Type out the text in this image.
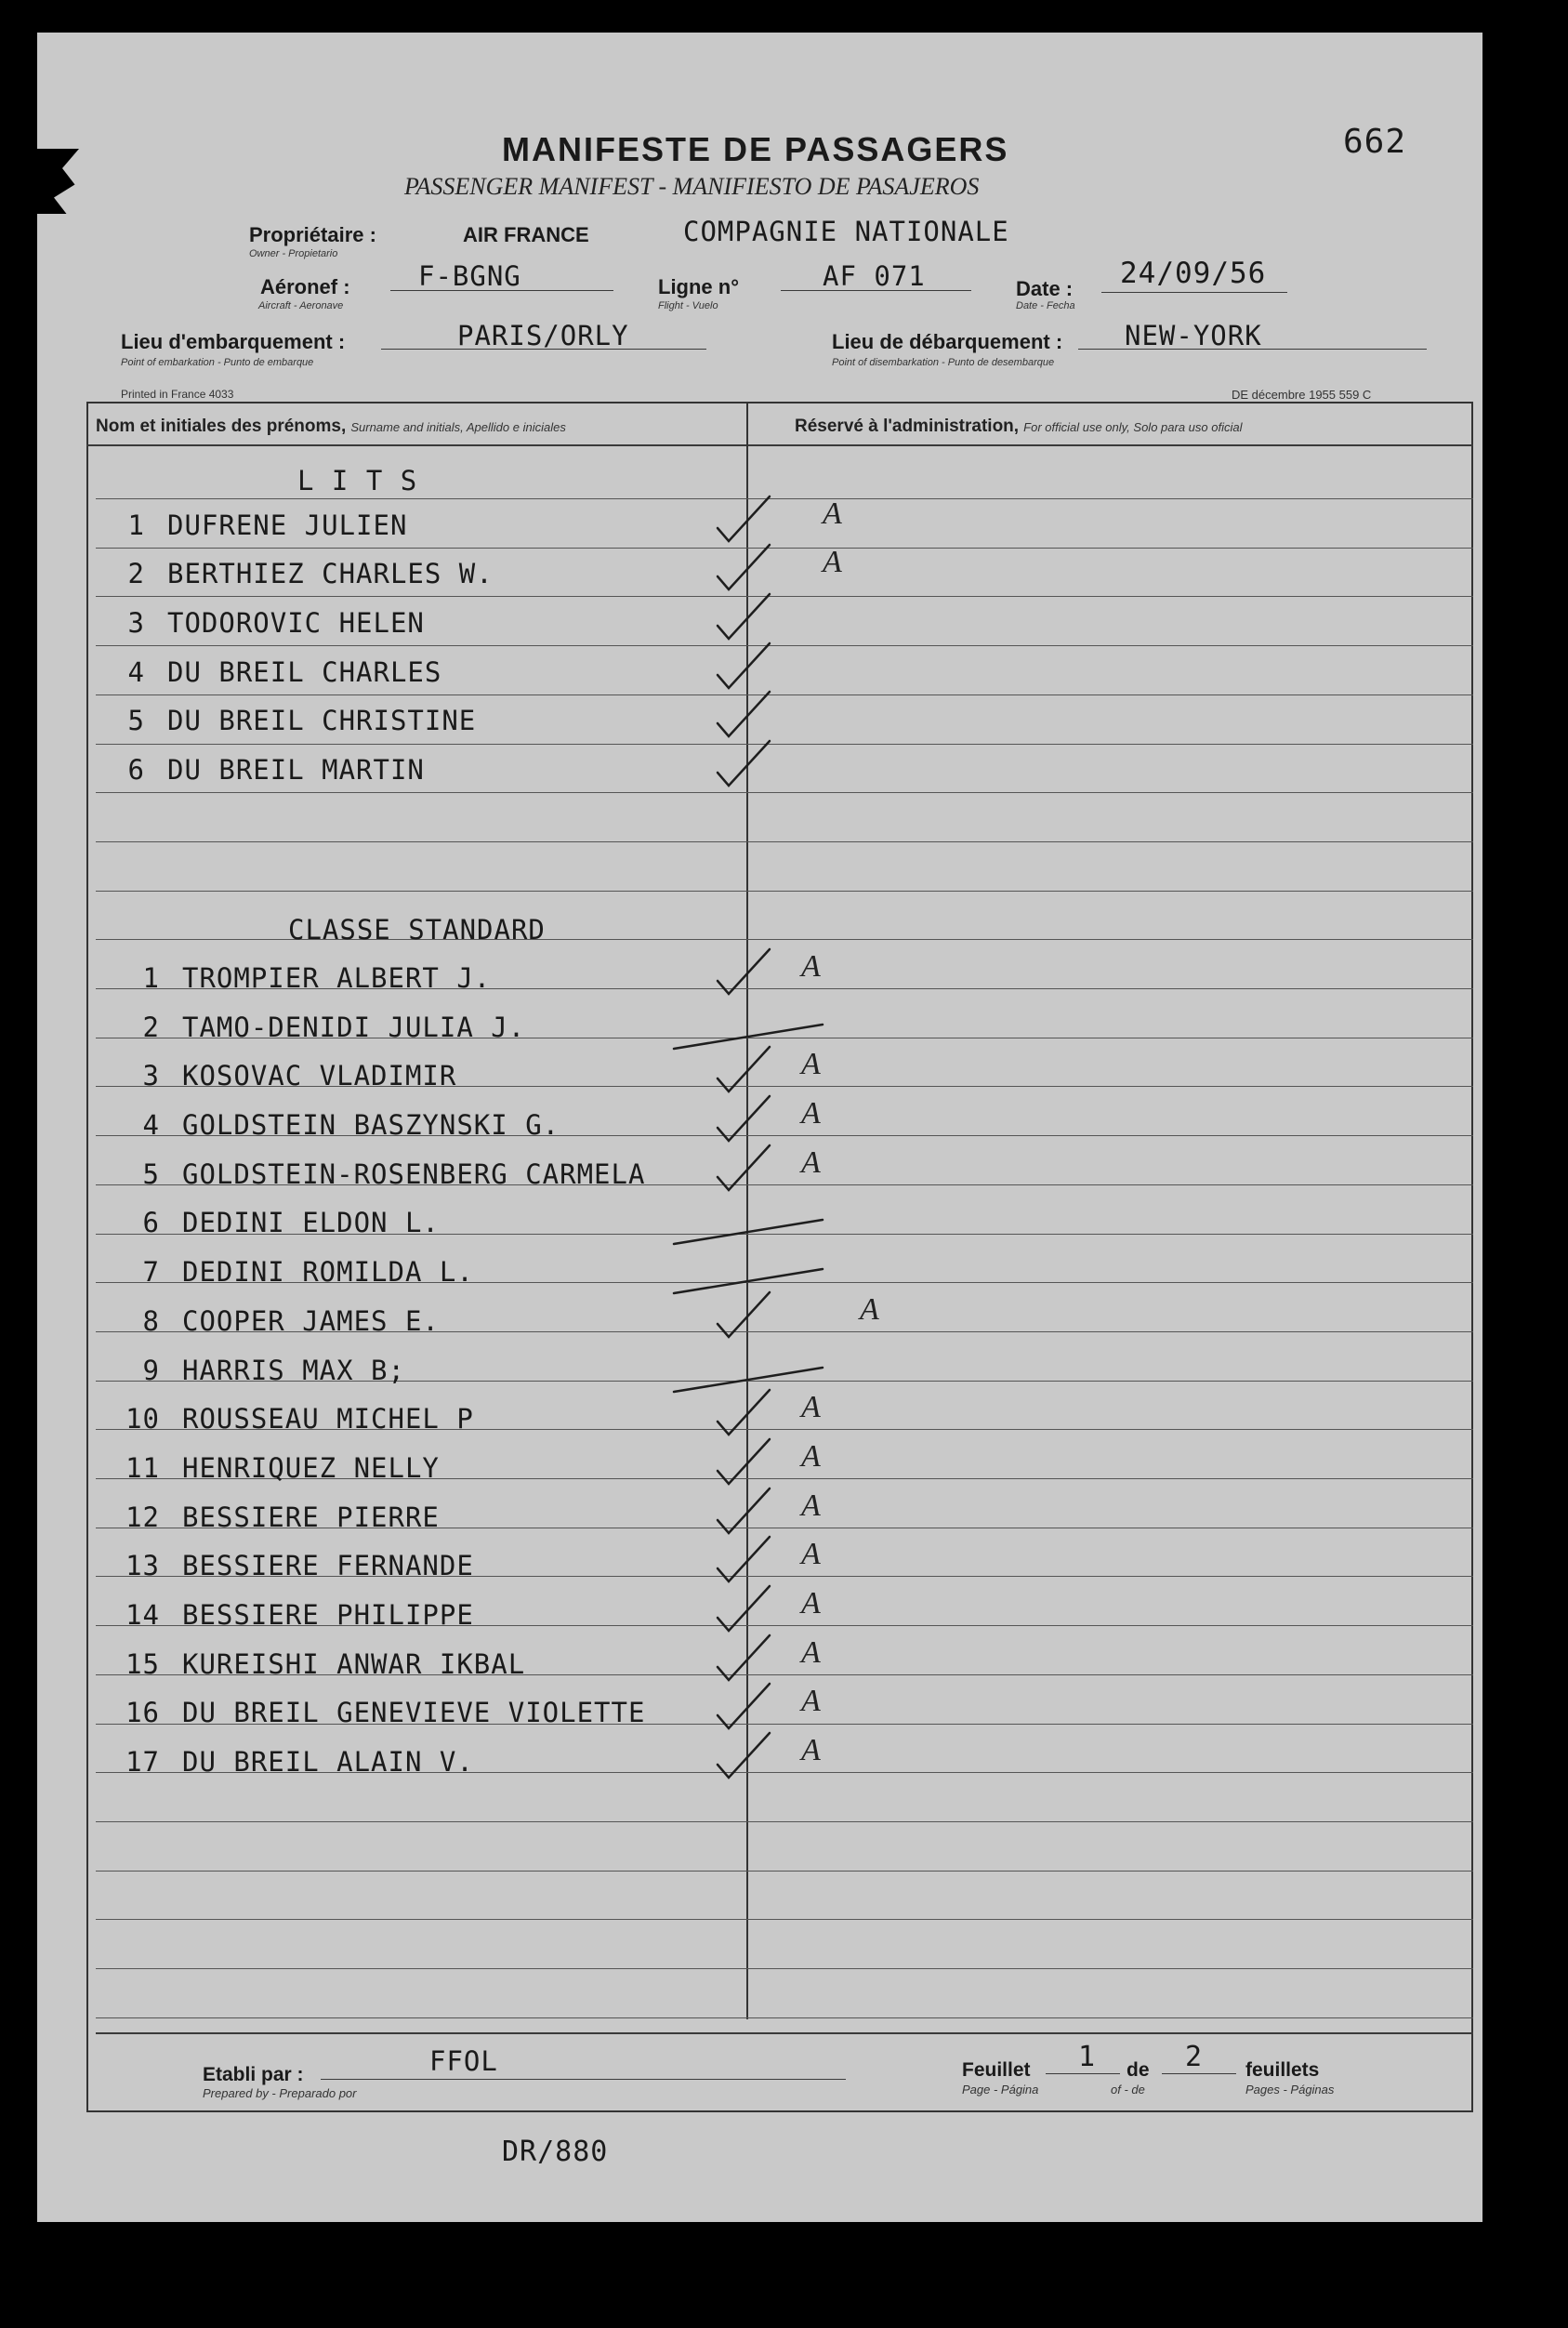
MANIFESTE DE PASSAGERS	662
PASSENGER MANIFEST - MANIFIESTO DE PASAJEROS
Propriétaire :	AIR FRANCE	COMPAGNIE NATIONALE
Owner - Propietario
Aéronef :	F-BGNG
Aircraft - Aeronave
Ligne n°	AF 071
Flight - Vuelo
Date : 24/09/56
Date - Fecha
Lieu d'embarquement :	PARIS/ORLY
Point of embarkation - Punto de embarque
Lieu de débarquement : NEW-YORK
Point of disembarkation - Punto de desembarque
Printed in France 4033	DE décembre 1955 559 C
Nom et initiales des prénoms, Surname and initials, Apellido e iniciales	Réservé à l'administration, For official use only, Solo para uso oficial
L I T S
1 DUFRENE JULIEN	A
2 BERTHIEZ CHARLES W.	A
3 TODOROVIC HELEN
4 DU BREIL CHARLES
5 DU BREIL CHRISTINE
6 DU BREIL MARTIN
CLASSE STANDARD
1 TROMPIER ALBERT J.	A
2 TAMO-DENIDI JULIA J.
3 KOSOVAC VLADIMIR	A
4 GOLDSTEIN BASZYNSKI G.	A
5 GOLDSTEIN-ROSENBERG CARMELA	A
6 DEDINI ELDON L.
7 DEDINI ROMILDA L.
8 COOPER JAMES E.	A
9 HARRIS MAX B;
10 ROUSSEAU MICHEL P	A
11 HENRIQUEZ NELLY	A
12 BESSIERE PIERRE	A
13 BESSIERE FERNANDE	A
14 BESSIERE PHILIPPE	A
15 KUREISHI ANWAR IKBAL	A
16 DU BREIL GENEVIEVE VIOLETTE	A
17 DU BREIL ALAIN V.	A
Etabli par :
Prepared by - Preparado por
FFOL	Feuillet 1 de 2 feuillets
Page - Página	of - de	Pages - Páginas
DR/880
